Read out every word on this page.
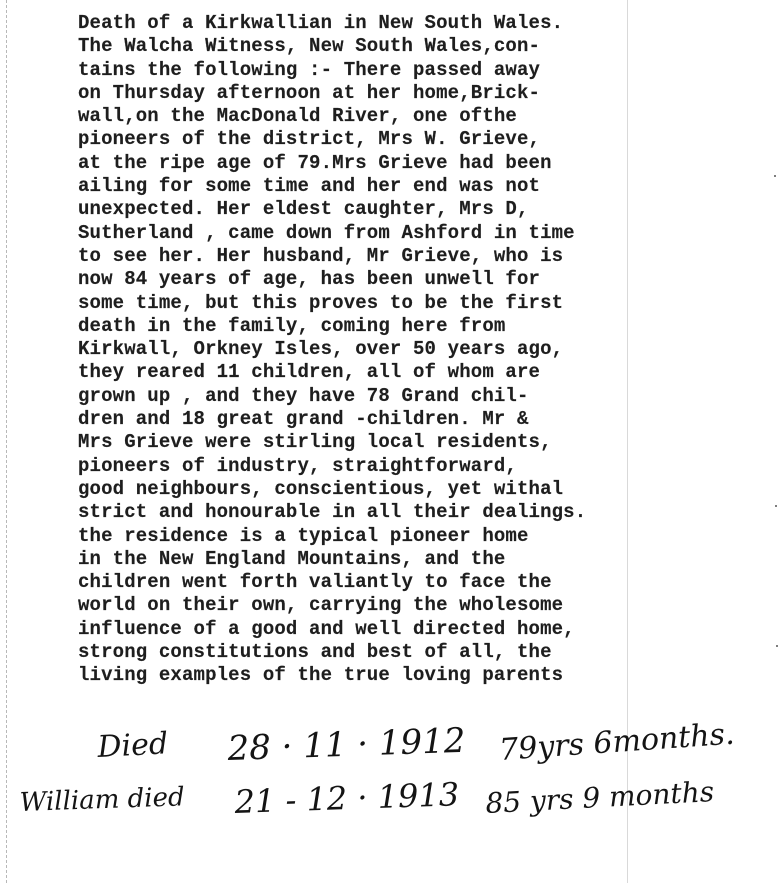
Death of a Kirkwallian in New South Wales.
The Walcha Witness, New South Wales,con-
tains the following :- There passed away
on Thursday afternoon at her home,Brick-
wall,on the MacDonald River, one ofthe
pioneers of the district, Mrs W. Grieve,
at the ripe age of 79.Mrs Grieve had been
ailing for some time and her end was not
unexpected. Her eldest caughter, Mrs D,
Sutherland , came down from Ashford in time
to see her. Her husband, Mr Grieve, who is
now 84 years of age, has been unwell for
some time, but this proves to be the first
death in the family, coming here from
Kirkwall, Orkney Isles, over 50 years ago,
they reared 11 children, all of whom are
grown up , and they have 78 Grand chil-
dren and 18 great grand -children. Mr &
Mrs Grieve were stirling local residents,
pioneers of industry, straightforward,
good neighbours, conscientious, yet withal
strict and honourable in all their dealings.
the residence is a typical pioneer home
in the New England Mountains, and the
children went forth valiantly to face the
world on their own, carrying the wholesome
influence of a good and well directed home,
strong constitutions and best of all, the
living examples of the true loving parents
Died 28 · 11 · 1912 79yrs 6months.
William died 21 - 12 · 1913 85 yrs 9 months
